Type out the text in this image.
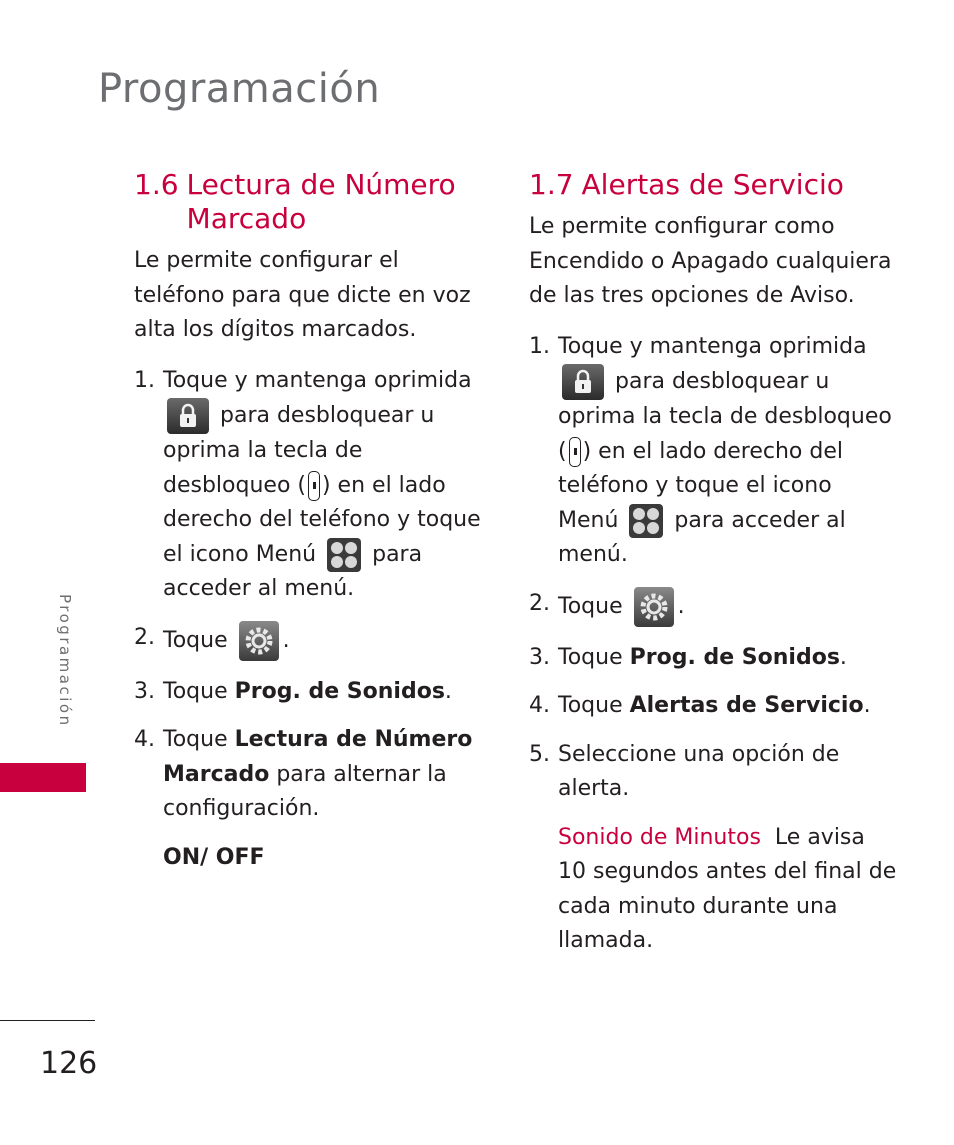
Programación
Programación
126
1.6 Lectura de Número Marcado

Le permite configurar el teléfono para que dicte en voz alta los dígitos marcados.

1. Toque y mantenga oprimida  para desbloquear u oprima la tecla de desbloqueo ( ) en el lado derecho del teléfono y toque el icono Menú	para acceder al menú.
2. Toque	.
3. Toque Prog. de Sonidos.
4. Toque Lectura de Número Marcado para alternar la configuración.

ON/ OFF

1.7 Alertas de Servicio

Le permite configurar como Encendido o Apagado cualquiera de las tres opciones de Aviso.

1. Toque y mantenga oprimida  para desbloquear u oprima la tecla de desbloqueo ( ) en el lado derecho del teléfono y toque el icono Menú	para acceder al menú.
2. Toque	.
3. Toque Prog. de Sonidos.
4. Toque Alertas de Servicio.
5. Seleccione una opción de alerta.

Sonido de Minutos Le avisa 10 segundos antes del final de cada minuto durante una llamada.
